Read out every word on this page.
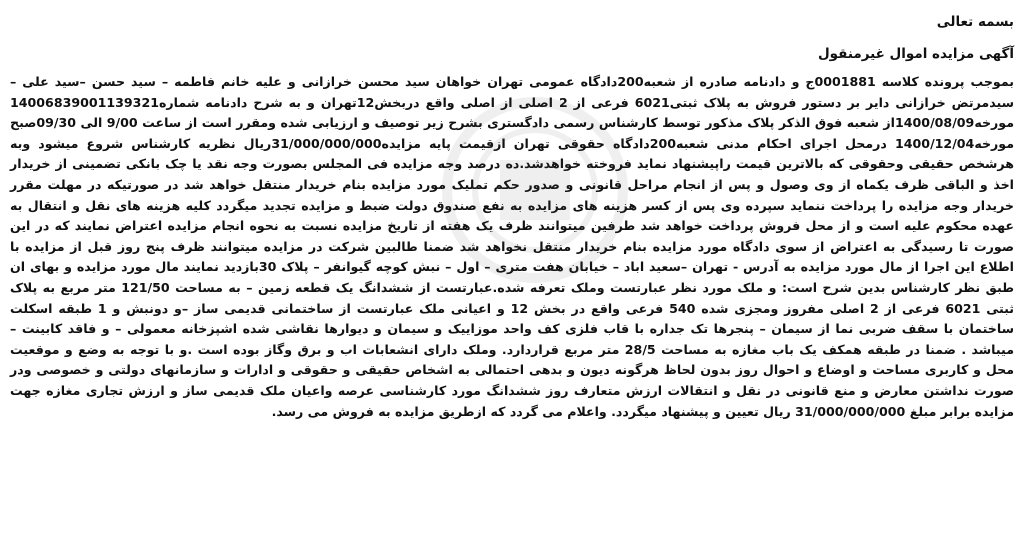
بسمه تعالی

آگهی مزایده اموال غیرمنقول

بموجب پرونده کلاسه 0001881ج و دادنامه صادره از شعبه200دادگاه عمومی تهران خواهان سید محسن خرازانی و علیه خانم فاطمه – سید حسن –سید علی – سیدمرتض خرازانی دایر بر دستور فروش به پلاک ثبتی6021 فرعی از 2 اصلی از اصلی واقع دربخش12تهران و به شرح دادنامه شماره14006839001139321 مورخه1400/08/09از شعبه فوق الذکر پلاک مذکور توسط کارشناس رسمی دادگستری بشرح زیر توصیف و ارزیابی شده ومقرر است از ساعت 9/00 الی 09/30صبح مورخه1400/12/04 درمحل اجرای احکام مدنی شعبه200دادگاه حقوقی تهران ازقیمت پایه مزایده31/000/000/000ریال نظریه کارشناس شروع میشود وبه هرشخص حقیقی وحقوقی که بالاترین قیمت راپیشنهاد نماید فروخته خواهدشد.ده درصد وجه مزایده فی المجلس بصورت وجه نقد یا چک بانکی تضمینی از خریدار اخذ و الباقی ظرف یکماه از وی وصول و پس از انجام مراحل قانونی و صدور حکم تملیک مورد مزایده بنام خریدار منتقل خواهد شد در صورتیکه در مهلت مقرر خریدار وجه مزایده را پرداخت ننماید سپرده وی پس از کسر هزینه های مزایده به نفع صندوق دولت ضبط و مزایده تجدید میگردد کلیه هزینه های نقل و انتقال به عهده محکوم علیه است و از محل فروش پرداخت خواهد شد طرفین میتوانند ظرف یک هفته از تاریخ مزایده نسبت به نحوه انجام مزایده اعتراض نمایند که در این صورت تا رسیدگی به اعتراض از سوی دادگاه مورد مزایده بنام خریدار منتقل نخواهد شد ضمنا طالبین شرکت در مزایده میتوانند ظرف پنج روز قبل از مزایده با اطلاع این اجرا از مال مورد مزایده به آدرس - تهران –سعید اباد – خیابان هفت متری – اول – نبش کوچه گیوانفر – پلاک 30بازدید نمایند مال مورد مزایده و بهای ان طبق نظر کارشناس بدین شرح است: و ملک مورد نظر عبارتست وملک تعرفه شده.عبارتست از ششدانگ یک قطعه زمین – به مساحت 121/50 متر مربع به پلاک ثبتی 6021 فرعی از 2 اصلی مفروز ومجزی شده 540 فرعی واقع در بخش 12 و اعیانی ملک عبارتست از ساختمانی قدیمی ساز –و دونبش و 1 طبقه اسکلت ساختمان با سقف ضربی نما از سیمان – پنجرها تک جداره با قاب فلزی کف واحد موزاییک و سیمان و دیوارها نقاشی شده اشپزخانه معمولی – و فاقد کابینت – میباشد . ضمنا در طبقه همکف یک باب مغازه به مساحت 28/5 متر مربع قراردارد. وملک دارای انشعابات اب و برق وگاز بوده است .و با توجه به وضع و موقعیت محل و کاربری مساحت و اوضاع و احوال روز بدون لحاظ هرگونه دیون و بدهی احتمالی به اشخاص حقیقی و حقوقی و ادارات و سازمانهای دولتی و خصوصی ودر صورت نداشتن معارض و منع قانونی در نقل و انتقالات ارزش متعارف روز ششدانگ مورد کارشناسی عرصه واعیان ملک قدیمی ساز و ارزش تجاری مغازه جهت مزایده برابر مبلغ 31/000/000/000 ریال تعیین و پیشنهاد میگردد. واعلام می گردد که ازطریق مزایده به فروش می رسد.
